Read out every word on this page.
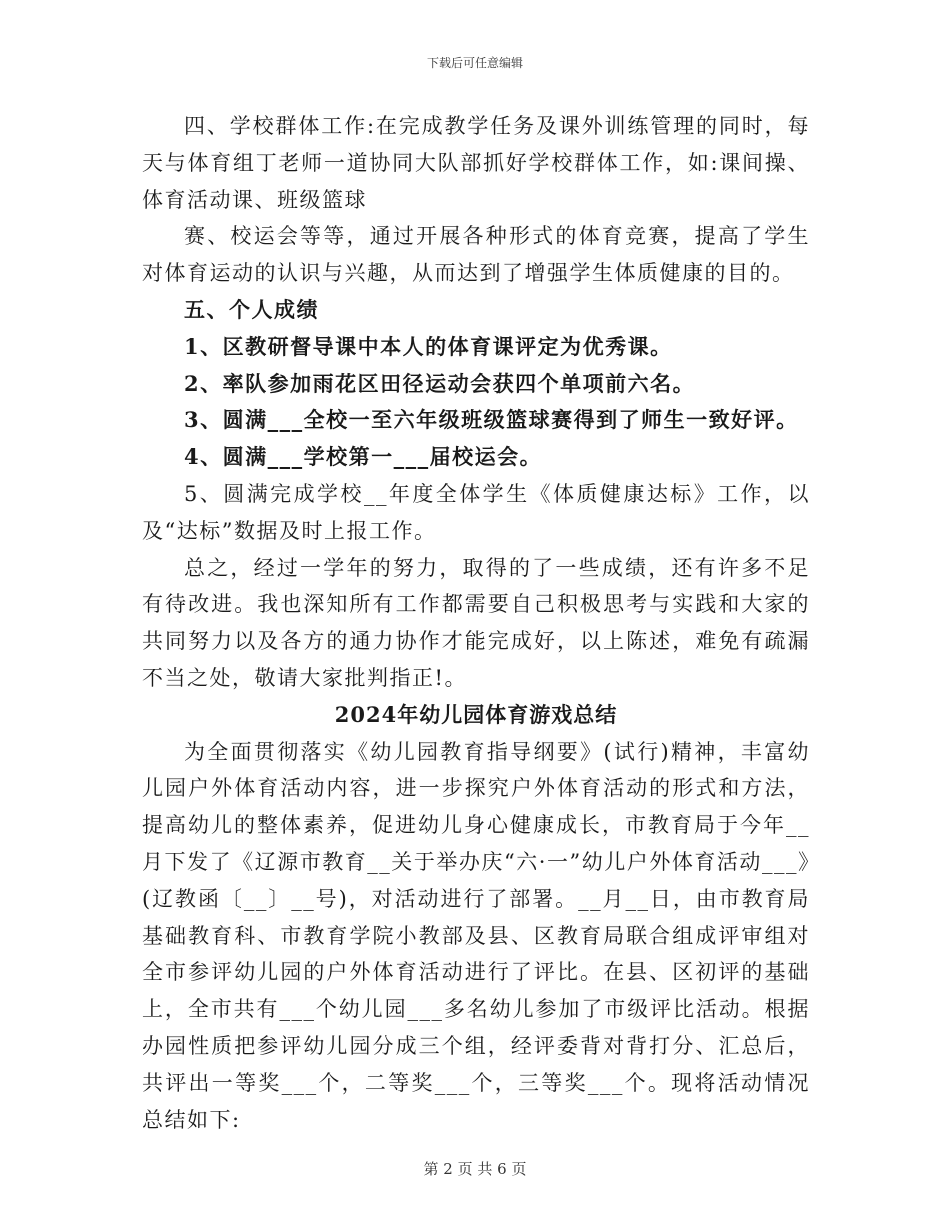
下载后可任意编辑

四、学校群体工作:在完成教学任务及课外训练管理的同时，每天与体育组丁老师一道协同大队部抓好学校群体工作，如:课间操、体育活动课、班级篮球

赛、校运会等等，通过开展各种形式的体育竞赛，提高了学生对体育运动的认识与兴趣，从而达到了增强学生体质健康的目的。

五、个人成绩

1、区教研督导课中本人的体育课评定为优秀课。

2、率队参加雨花区田径运动会获四个单项前六名。

3、圆满___全校一至六年级班级篮球赛得到了师生一致好评。

4、圆满___学校第一___届校运会。

5、圆满完成学校__年度全体学生《体质健康达标》工作，以及“达标”数据及时上报工作。

总之，经过一学年的努力，取得的了一些成绩，还有许多不足有待改进。我也深知所有工作都需要自己积极思考与实践和大家的共同努力以及各方的通力协作才能完成好，以上陈述，难免有疏漏不当之处，敬请大家批判指正!。

2024年幼儿园体育游戏总结

为全面贯彻落实《幼儿园教育指导纲要》(试行)精神，丰富幼儿园户外体育活动内容，进一步探究户外体育活动的形式和方法，提高幼儿的整体素养，促进幼儿身心健康成长，市教育局于今年__月下发了《辽源市教育__关于举办庆“六·一”幼儿户外体育活动___》(辽教函〔__〕__号)，对活动进行了部署。__月__日，由市教育局基础教育科、市教育学院小教部及县、区教育局联合组成评审组对全市参评幼儿园的户外体育活动进行了评比。在县、区初评的基础上，全市共有___个幼儿园___多名幼儿参加了市级评比活动。根据办园性质把参评幼儿园分成三个组，经评委背对背打分、汇总后，共评出一等奖___个，二等奖___个，三等奖___个。现将活动情况总结如下:

第 2 页 共 6 页
